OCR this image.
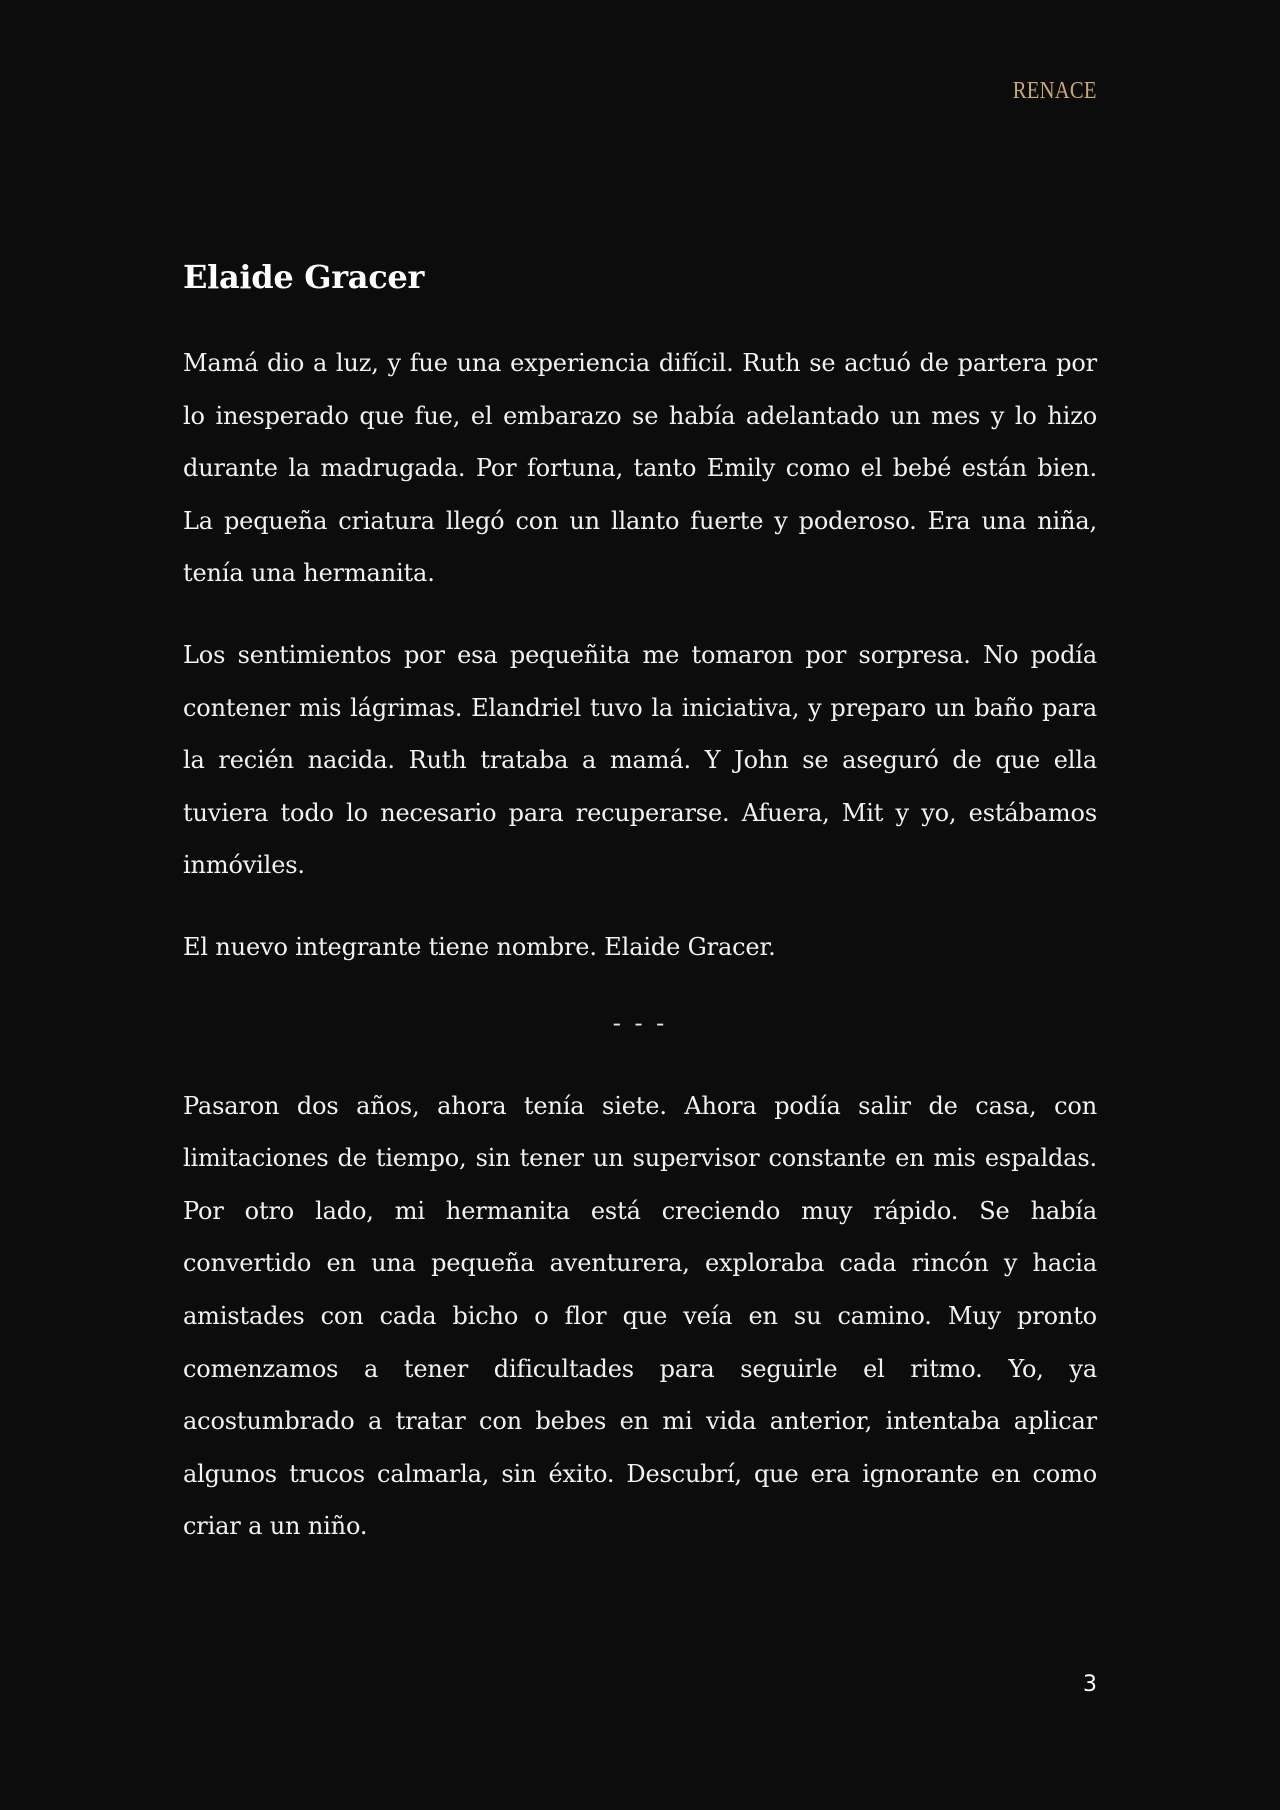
RENACE
Elaide Gracer

Mamá dio a luz, y fue una experiencia difícil. Ruth se actuó de partera por lo inesperado que fue, el embarazo se había adelantado un mes y lo hizo durante la madrugada. Por fortuna, tanto Emily como el bebé están bien. La pequeña criatura llegó con un llanto fuerte y poderoso. Era una niña, tenía una hermanita.

Los sentimientos por esa pequeñita me tomaron por sorpresa. No podía contener mis lágrimas. Elandriel tuvo la iniciativa, y preparo un baño para la recién nacida. Ruth trataba a mamá. Y John se aseguró de que ella tuviera todo lo necesario para recuperarse. Afuera, Mit y yo, estábamos inmóviles.

El nuevo integrante tiene nombre. Elaide Gracer.

- - -

Pasaron dos años, ahora tenía siete. Ahora podía salir de casa, con limitaciones de tiempo, sin tener un supervisor constante en mis espaldas. Por otro lado, mi hermanita está creciendo muy rápido. Se había convertido en una pequeña aventurera, exploraba cada rincón y hacia amistades con cada bicho o flor que veía en su camino. Muy pronto comenzamos a tener dificultades para seguirle el ritmo. Yo, ya acostumbrado a tratar con bebes en mi vida anterior, intentaba aplicar algunos trucos calmarla, sin éxito. Descubrí, que era ignorante en como criar a un niño.

3
